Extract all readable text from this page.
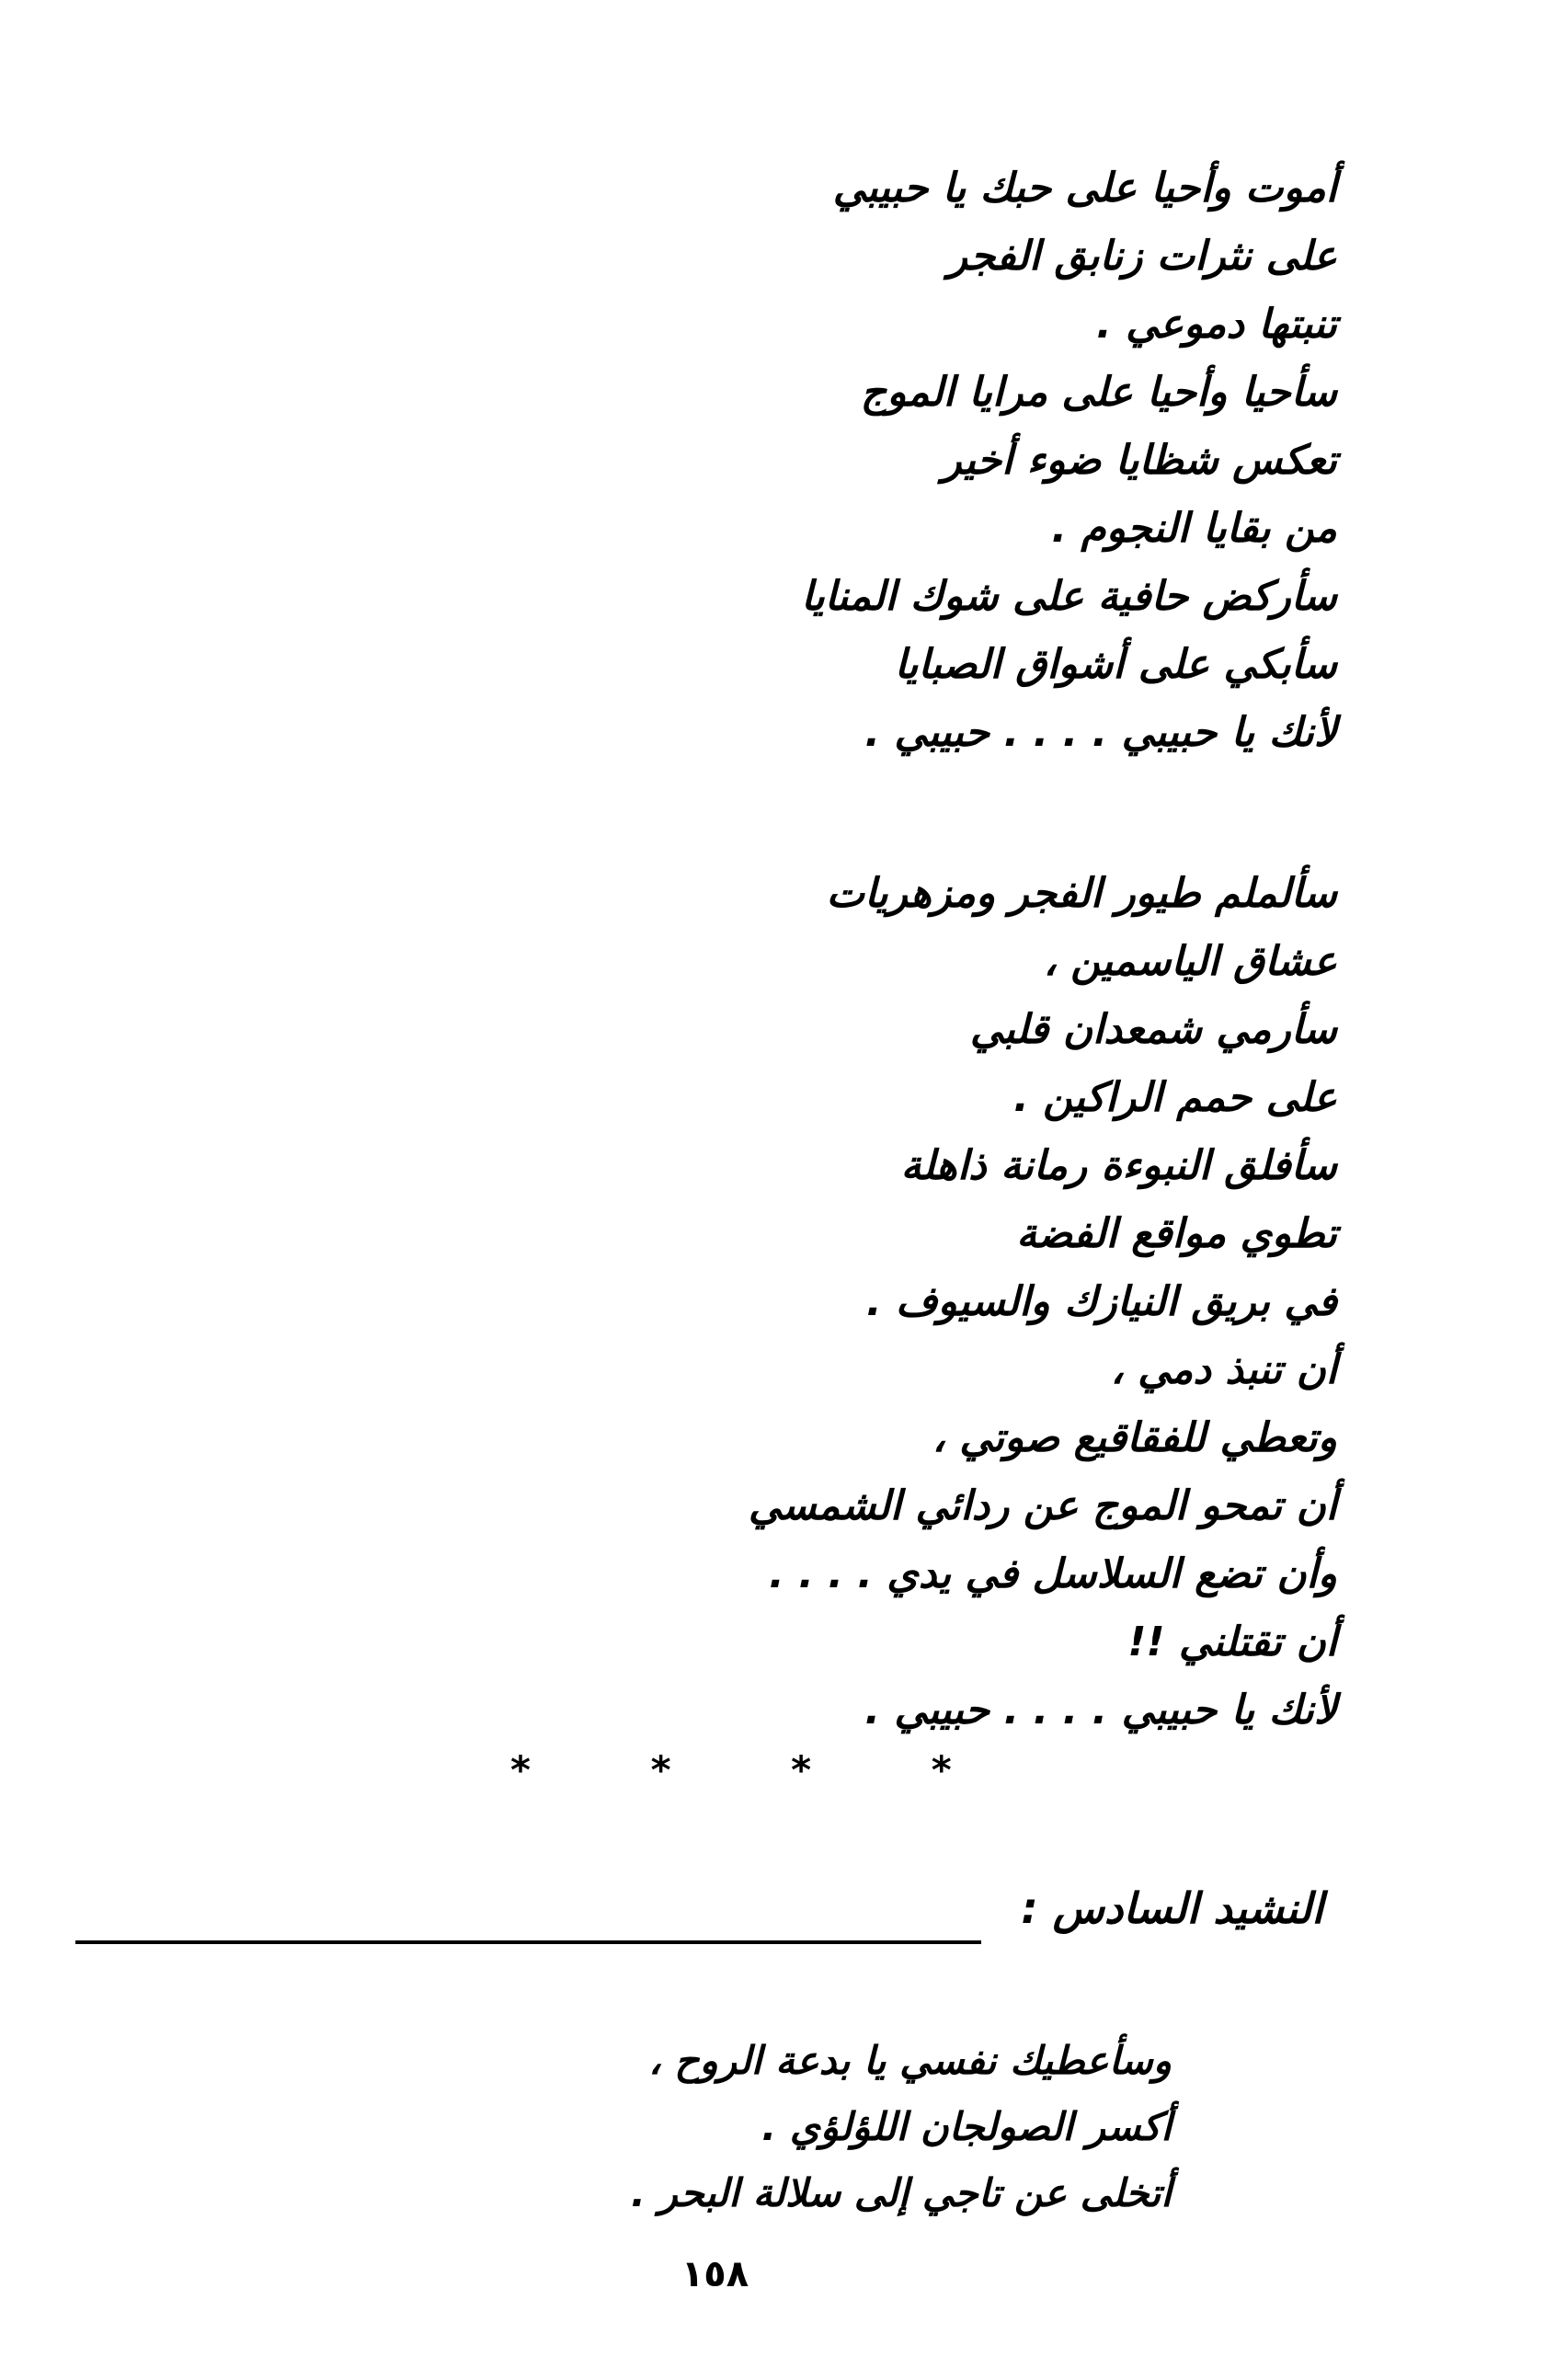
أموت وأحيا على حبك يا حبيبي
على نثرات زنابق الفجر
تنبتها دموعي .
سأحيا وأحيا على مرايا الموج
تعكس شظايا ضوء أخير
من بقايا النجوم .
سأركض حافية على شوك المنايا
سأبكي على أشواق الصبايا
لأنك يا حبيبي . . . . حبيبي .
سألملم طيور الفجر ومزهريات
عشاق الياسمين ،
سأرمي شمعدان قلبي
على حمم الراكين .
سأفلق النبوءة رمانة ذاهلة
تطوي مواقع الفضة
في بريق النيازك والسيوف .
أن تنبذ دمي ،
وتعطي للفقاقيع صوتي ،
أن تمحو الموج عن ردائي الشمسي
وأن تضع السلاسل في يدي . . . .
أن تقتلني !!
لأنك يا حبيبي . . . . حبيبي .
* * * *
النشيد السادس :
وسأعطيك نفسي يا بدعة الروح ،
أكسر الصولجان اللؤلؤي .
أتخلى عن تاجي إلى سلالة البحر .
١٥٨
